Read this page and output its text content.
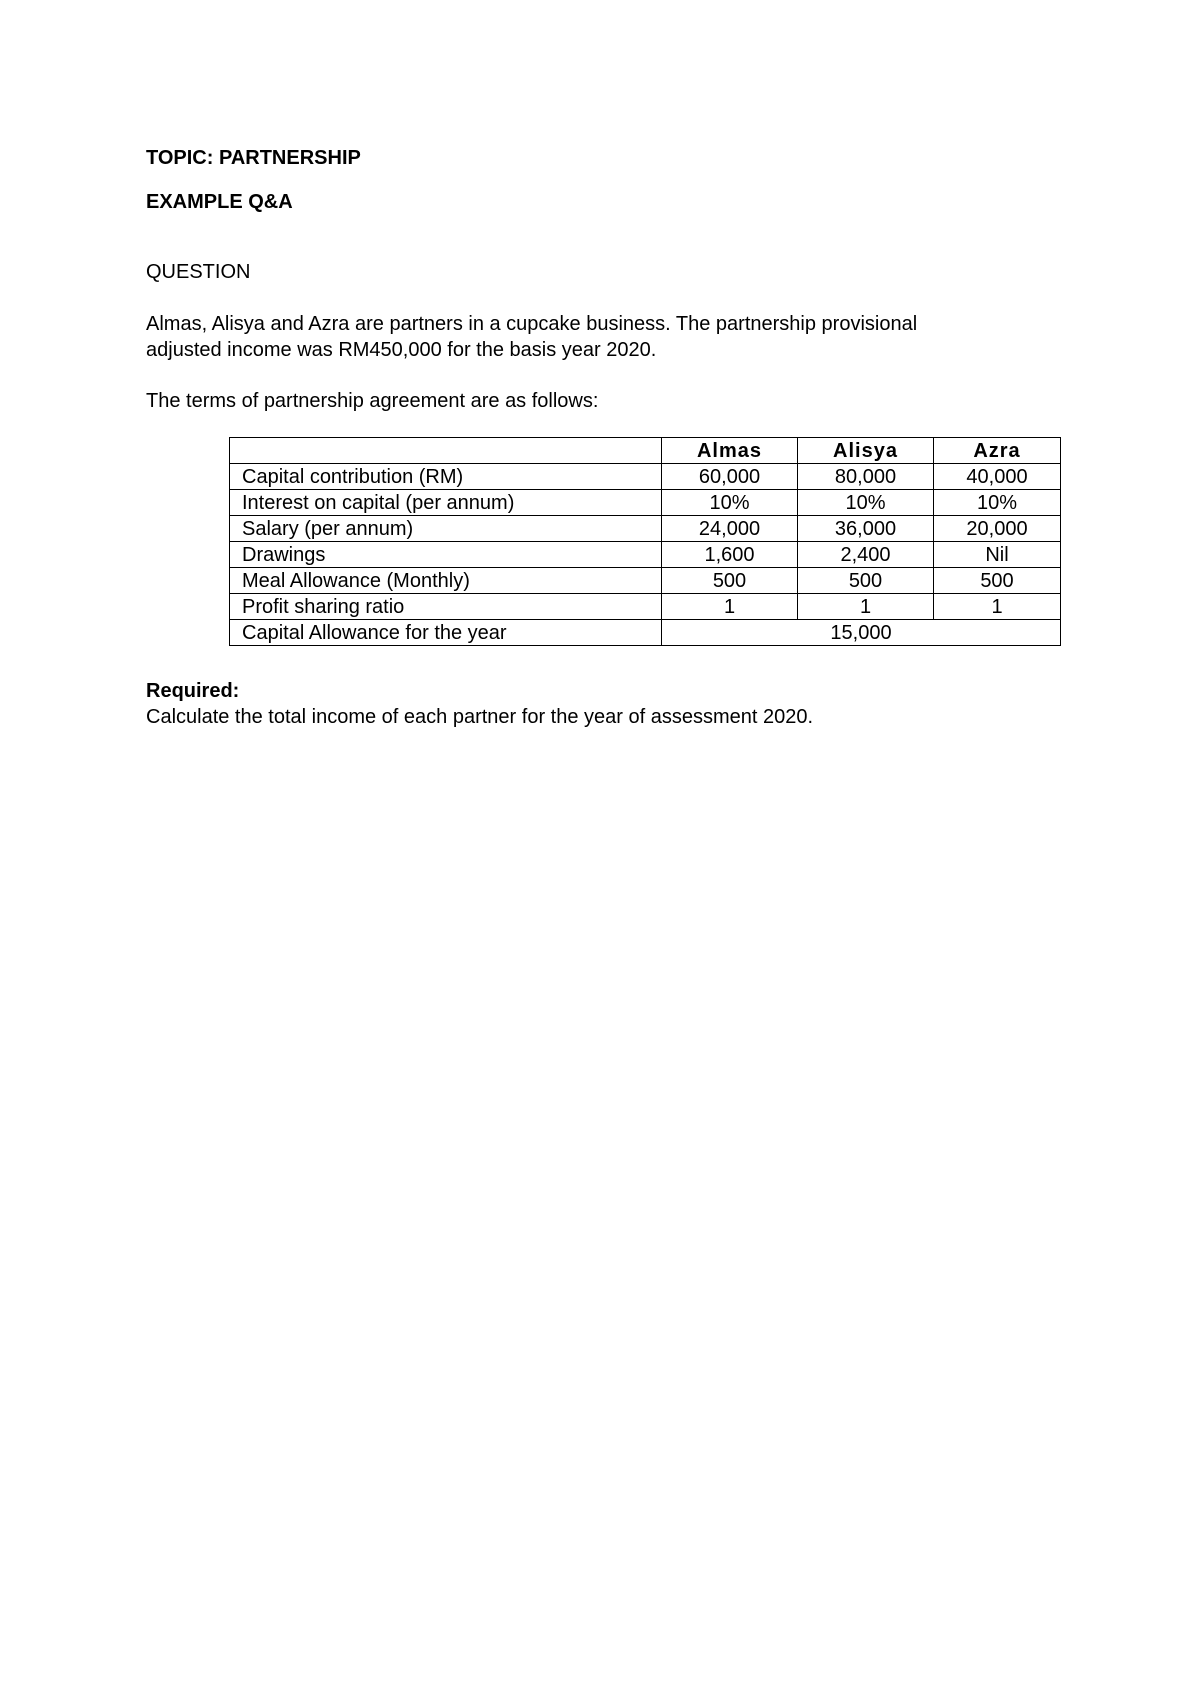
TOPIC: PARTNERSHIP
EXAMPLE Q&A
QUESTION
Almas, Alisya and Azra are partners in a cupcake business. The partnership provisional
adjusted income was RM450,000 for the basis year 2020.
The terms of partnership agreement are as follows:
	Almas	Alisya	Azra
Capital contribution (RM)	60,000	80,000	40,000
Interest on capital (per annum)	10%	10%	10%
Salary (per annum)	24,000	36,000	20,000
Drawings	1,600	2,400	Nil
Meal Allowance (Monthly)	500	500	500
Profit sharing ratio	1	1	1
Capital Allowance for the year	15,000		
Required:
Calculate the total income of each partner for the year of assessment 2020.
